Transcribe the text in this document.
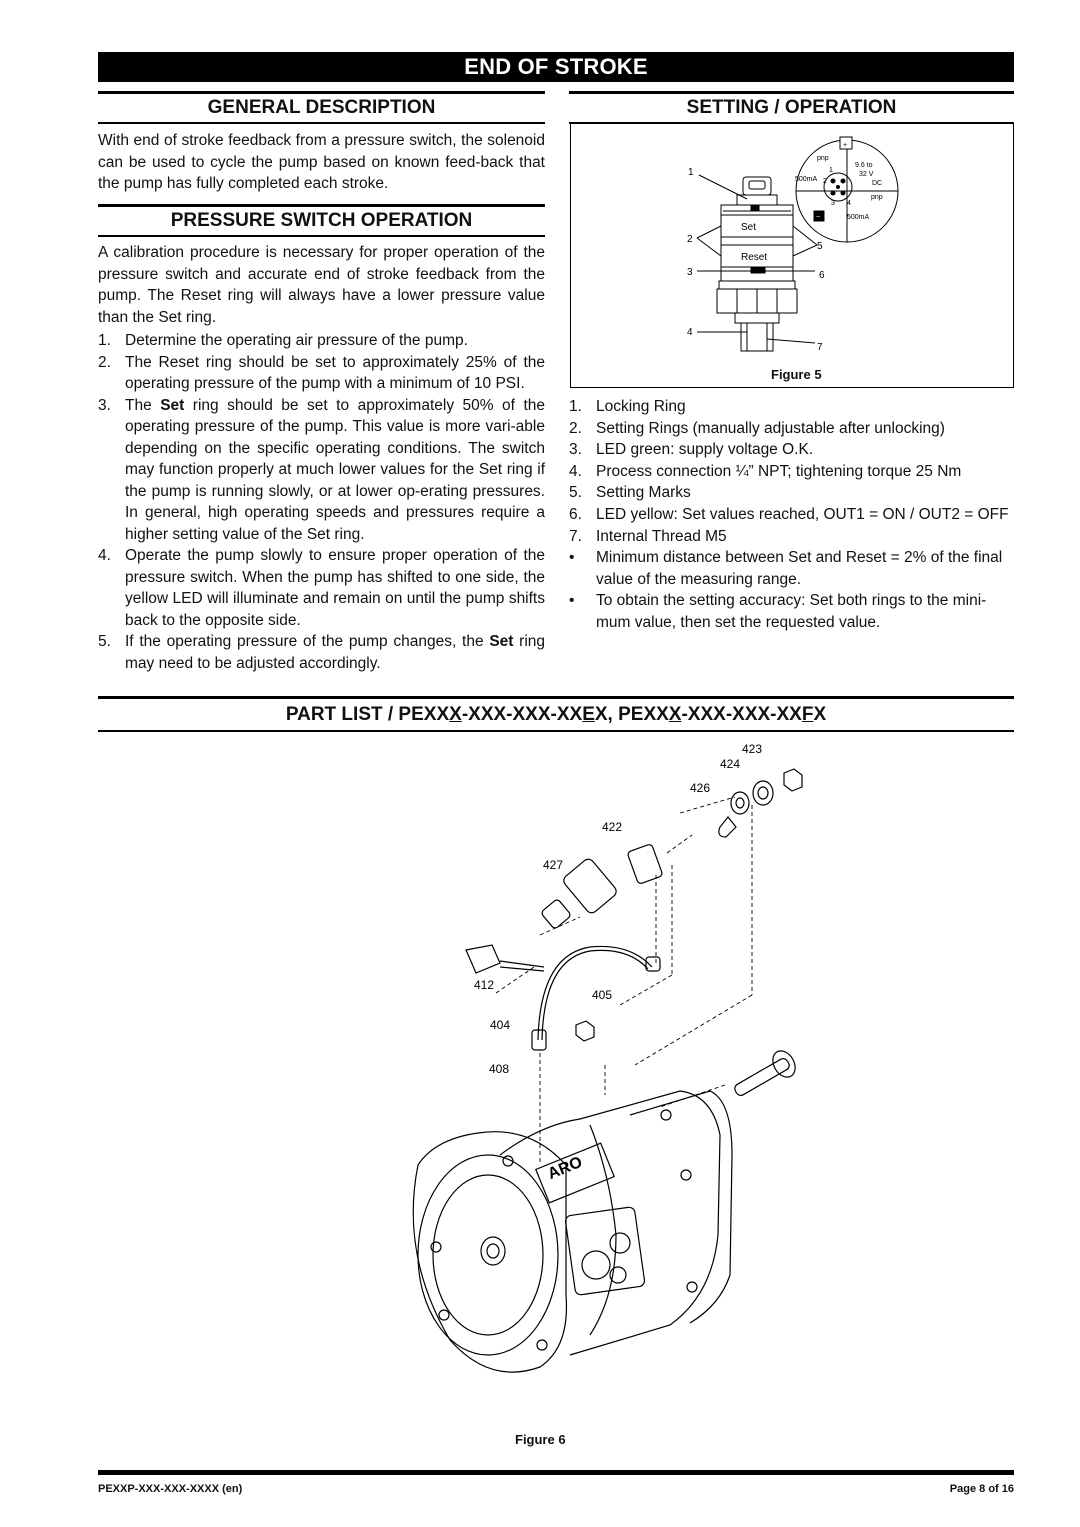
END OF STROKE
GENERAL DESCRIPTION

With end of stroke feedback from a pressure switch, the solenoid can be used to cycle the pump based on known feed-back that the pump has fully completed each stroke.

PRESSURE SWITCH OPERATION

A calibration procedure is necessary for proper operation of the pressure switch and accurate end of stroke feedback from the pump. The Reset ring will always have a lower pressure value than the Set ring.

1. Determine the operating air pressure of the pump.
2. The Reset ring should be set to approximately 25% of the operating pressure of the pump with a minimum of 10 PSI.
3. The Set ring should be set to approximately 50% of the operating pressure of the pump. This value is more vari-able depending on the specific operating conditions. The switch may function properly at much lower values for the Set ring if the pump is running slowly, or at lower op-erating pressures. In general, high operating speeds and pressures require a higher setting value of the Set ring.
4. Operate the pump slowly to ensure proper operation of the pressure switch. When the pump has shifted to one side, the yellow LED will illuminate and remain on until the pump shifts back to the opposite side.
5. If the operating pressure of the pump changes, the Set ring may need to be adjusted accordingly.
SETTING / OPERATION
1
2
3
4
5
6
7
Set
Reset
pnp
+
9.6 to
32 V
DC
500mA
pnp
−	500mA
1
2
3 4
Figure 5
1. Locking Ring
2. Setting Rings (manually adjustable after unlocking)
3. LED green: supply voltage O.K.
4. Process connection ¼” NPT; tightening torque 25 Nm
5. Setting Marks
6. LED yellow: Set values reached, OUT1 = ON / OUT2 = OFF
7. Internal Thread M5
• Minimum distance between Set and Reset = 2% of the final value of the measuring range.
• To obtain the setting accuracy: Set both rings to the mini-mum value, then set the requested value.
PART LIST / PEXXX-XXX-XXX-XXEX, PEXXX-XXX-XXX-XXFX
423
424
426
422
427
412
405
404
408
ARO
Figure 6
PEXXP-XXX-XXX-XXXX (en)	Page 8 of 16
